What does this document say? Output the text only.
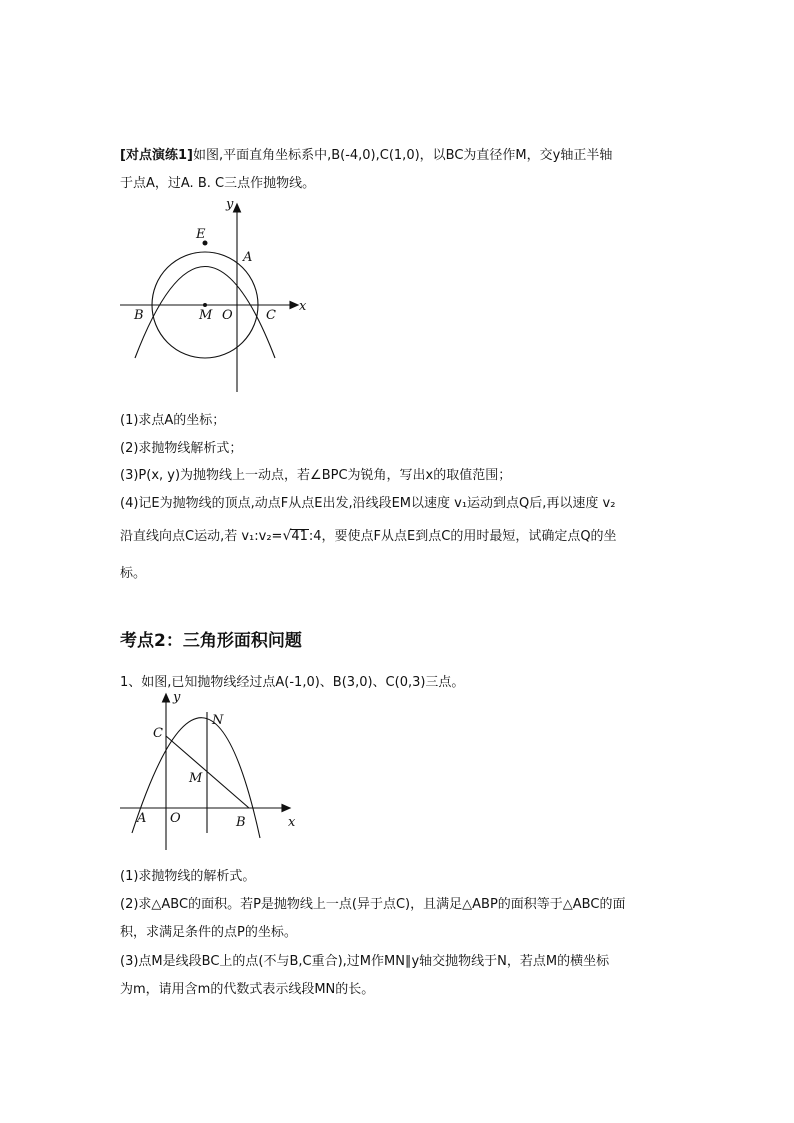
[对点演练1]如图,平面直角坐标系中,B(-4,0),C(1,0)，以BC为直径作M，交y轴正半轴
于点A，过A. B. C三点作抛物线。
y
x
E
A
B	M O	C
(1)求点A的坐标；
(2)求抛物线解析式；
(3)P(x, y)为抛物线上一动点，若∠BPC为锐角，写出x的取值范围；
(4)记E为抛物线的顶点,动点F从点E出发,沿线段EM以速度 v₁运动到点Q后,再以速度 v₂
沿直线向点C运动,若 v₁:v₂=√41:4，要使点F从点E到点C的用时最短，试确定点Q的坐
标。
考点2：三角形面积问题
1、如图,已知抛物线经过点A(-1,0)、B(3,0)、C(0,3)三点。
y
x
N
C
M
A O	B
(1)求抛物线的解析式。
(2)求△ABC的面积。若P是抛物线上一点(异于点C)，且满足△ABP的面积等于△ABC的面
积，求满足条件的点P的坐标。
(3)点M是线段BC上的点(不与B,C重合),过M作MN∥y轴交抛物线于N，若点M的横坐标
为m，请用含m的代数式表示线段MN的长。
